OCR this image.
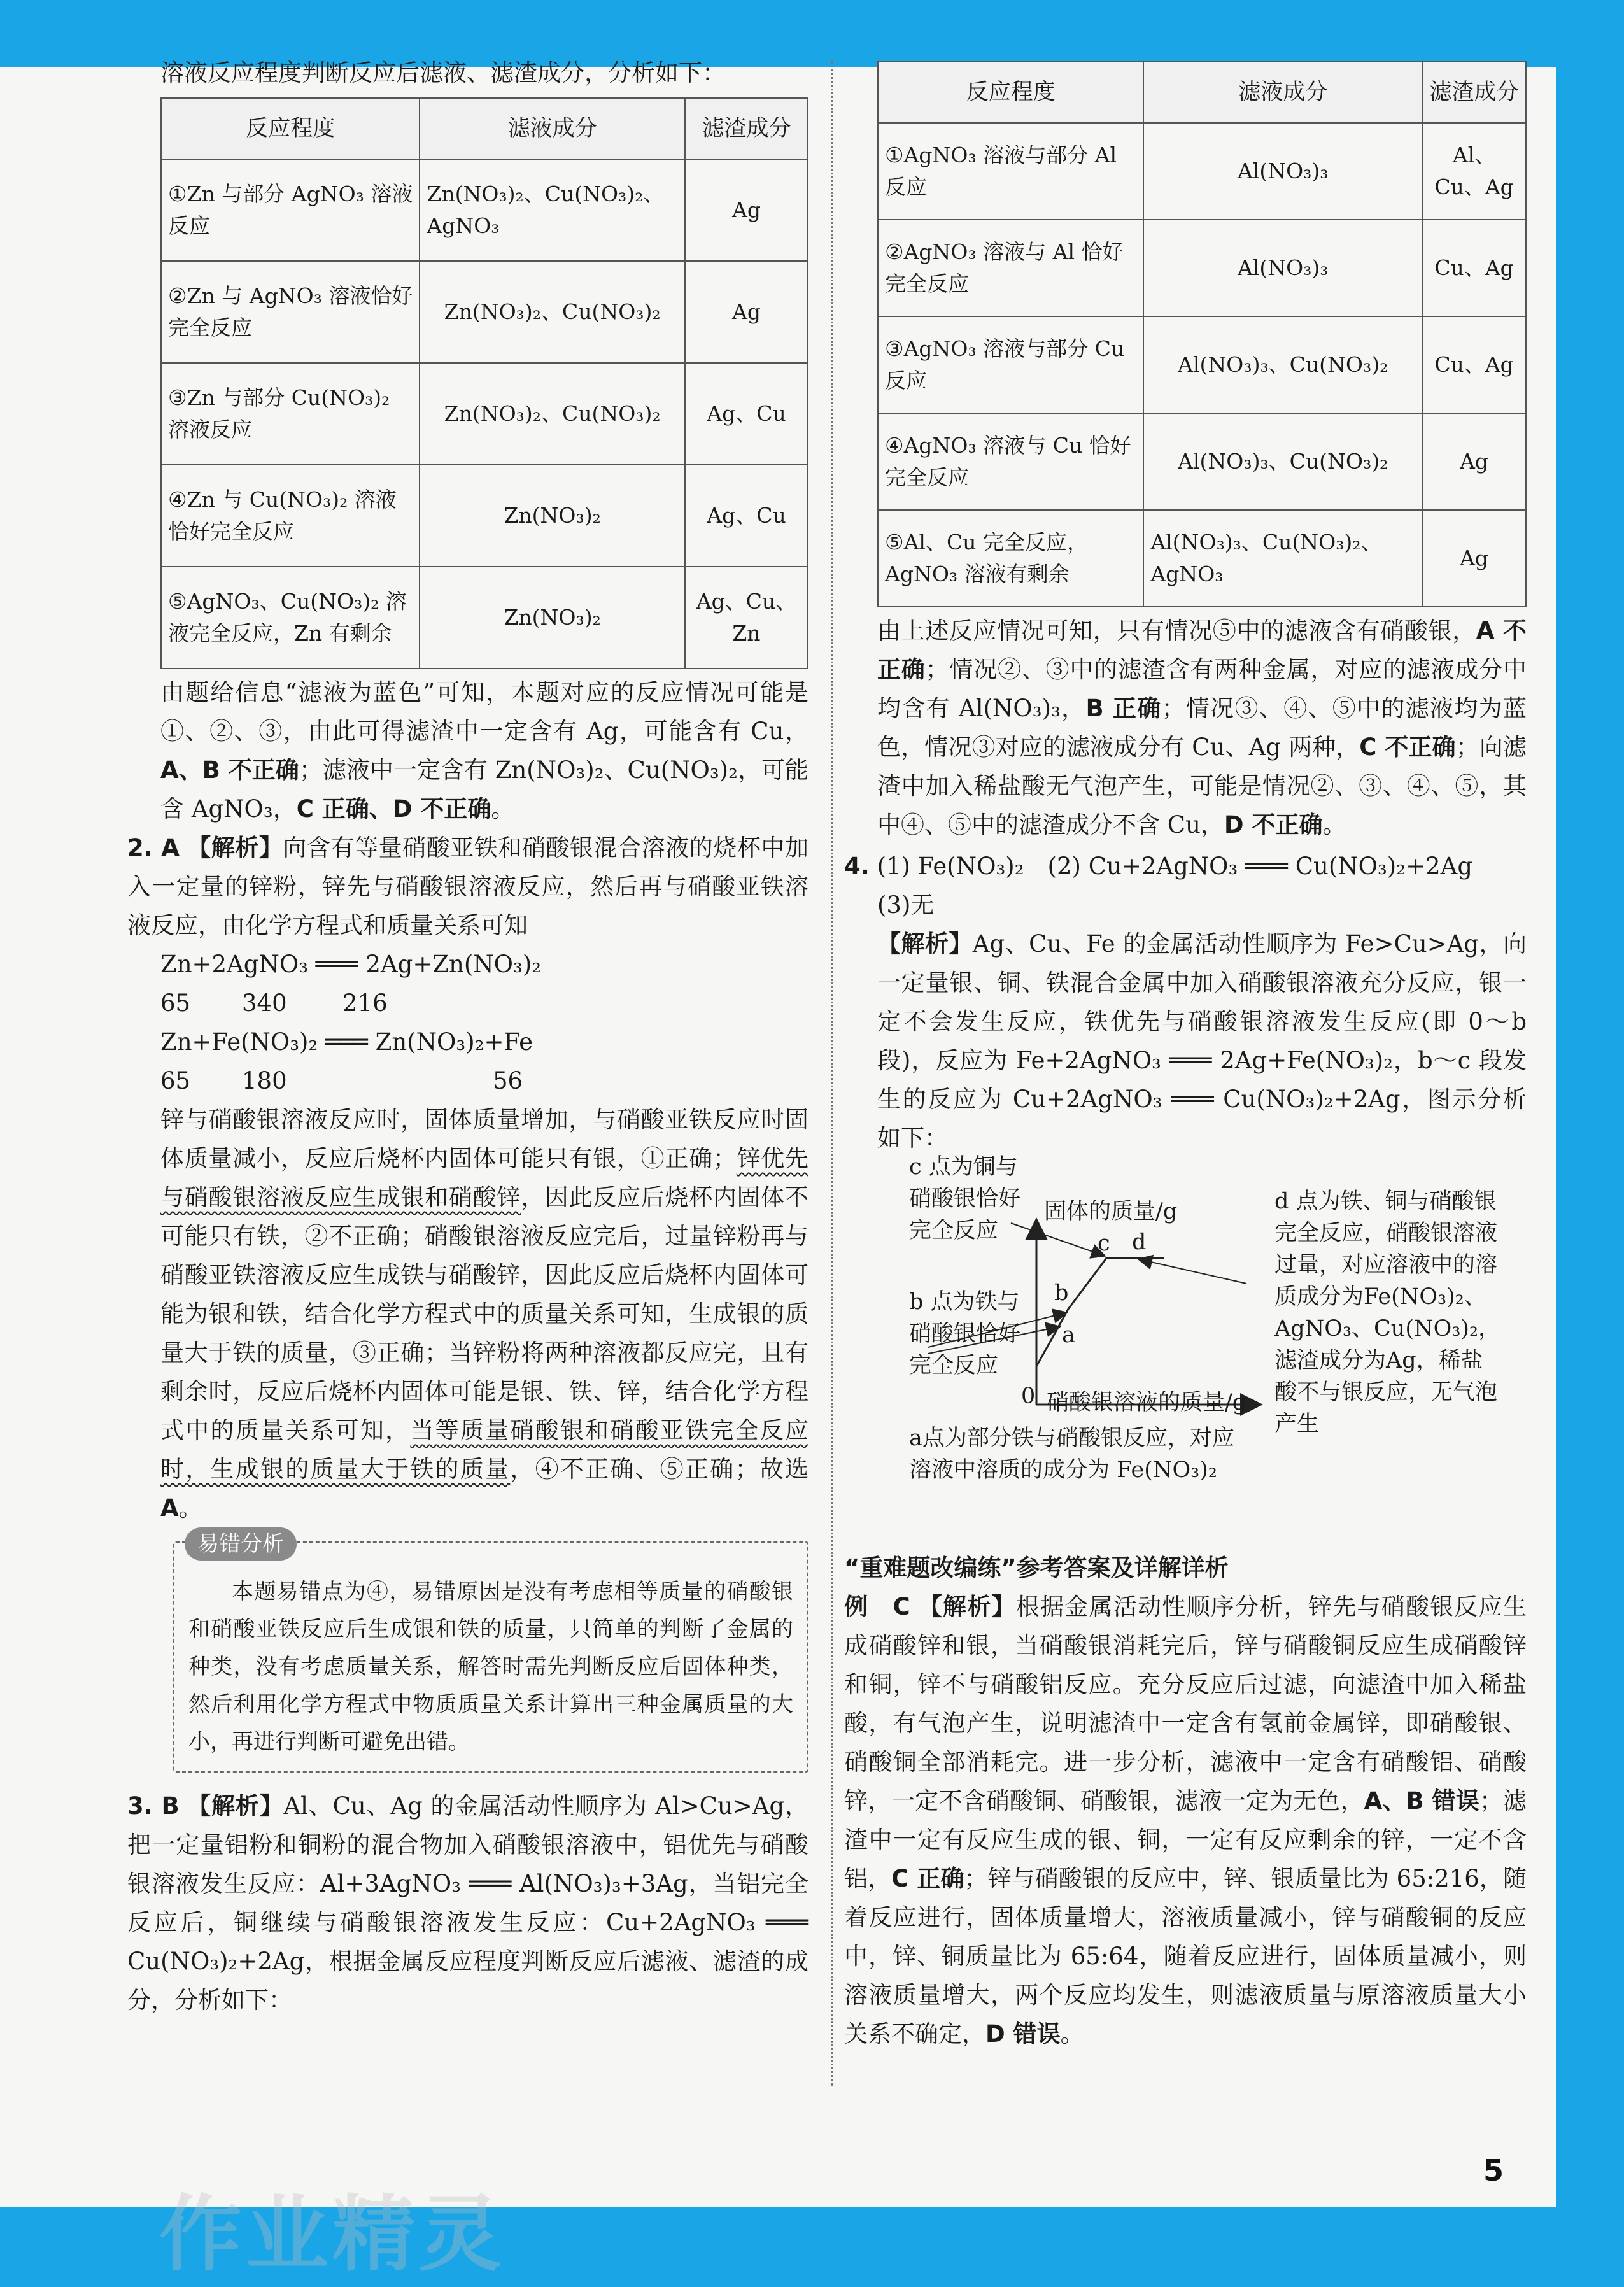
作业精灵

溶液反应程度判断反应后滤液、滤渣成分，分析如下：

反应程度	滤液成分	滤渣成分
①Zn 与部分 AgNO₃ 溶液反应	Zn(NO₃)₂、Cu(NO₃)₂、AgNO₃	Ag
②Zn 与 AgNO₃ 溶液恰好完全反应	Zn(NO₃)₂、Cu(NO₃)₂	Ag
③Zn 与部分 Cu(NO₃)₂ 溶液反应	Zn(NO₃)₂、Cu(NO₃)₂	Ag、Cu
④Zn 与 Cu(NO₃)₂ 溶液恰好完全反应	Zn(NO₃)₂	Ag、Cu
⑤AgNO₃、Cu(NO₃)₂ 溶液完全反应，Zn 有剩余	Zn(NO₃)₂	Ag、Cu、Zn

由题给信息“滤液为蓝色”可知，本题对应的反应情况可能是①、②、③，由此可得滤渣中一定含有 Ag，可能含有 Cu，A、B 不正确；滤液中一定含有 Zn(NO₃)₂、Cu(NO₃)₂，可能含 AgNO₃，C 正确、D 不正确。

2. A 【解析】向含有等量硝酸亚铁和硝酸银混合溶液的烧杯中加入一定量的锌粉，锌先与硝酸银溶液反应，然后再与硝酸亚铁溶液反应，由化学方程式和质量关系可知

Zn+2AgNO₃ ═══ 2Ag+Zn(NO₃)₂

65 340 216

Zn+Fe(NO₃)₂ ═══ Zn(NO₃)₂+Fe

65 180	56

锌与硝酸银溶液反应时，固体质量增加，与硝酸亚铁反应时固体质量减小，反应后烧杯内固体可能只有银，①正确；锌优先与硝酸银溶液反应生成银和硝酸锌，因此反应后烧杯内固体不可能只有铁，②不正确；硝酸银溶液反应完后，过量锌粉再与硝酸亚铁溶液反应生成铁与硝酸锌，因此反应后烧杯内固体可能为银和铁，结合化学方程式中的质量关系可知，生成银的质量大于铁的质量，③正确；当锌粉将两种溶液都反应完，且有剩余时，反应后烧杯内固体可能是银、铁、锌，结合化学方程式中的质量关系可知，当等质量硝酸银和硝酸亚铁完全反应时，生成银的质量大于铁的质量，④不正确、⑤正确；故选 A。

易错分析

本题易错点为④，易错原因是没有考虑相等质量的硝酸银和硝酸亚铁反应后生成银和铁的质量，只简单的判断了金属的种类，没有考虑质量关系，解答时需先判断反应后固体种类，然后利用化学方程式中物质质量关系计算出三种金属质量的大小，再进行判断可避免出错。

3. B 【解析】Al、Cu、Ag 的金属活动性顺序为 Al>Cu>Ag，把一定量铝粉和铜粉的混合物加入硝酸银溶液中，铝优先与硝酸银溶液发生反应：Al+3AgNO₃ ═══ Al(NO₃)₃+3Ag，当铝完全反应后，铜继续与硝酸银溶液发生反应：Cu+2AgNO₃ ═══ Cu(NO₃)₂+2Ag，根据金属反应程度判断反应后滤液、滤渣的成分，分析如下：

反应程度	滤液成分	滤渣成分
①AgNO₃ 溶液与部分 Al 反应	Al(NO₃)₃	Al、Cu、Ag
②AgNO₃ 溶液与 Al 恰好完全反应	Al(NO₃)₃	Cu、Ag
③AgNO₃ 溶液与部分 Cu 反应	Al(NO₃)₃、Cu(NO₃)₂	Cu、Ag
④AgNO₃ 溶液与 Cu 恰好完全反应	Al(NO₃)₃、Cu(NO₃)₂	Ag
⑤Al、Cu 完全反应，AgNO₃ 溶液有剩余	Al(NO₃)₃、Cu(NO₃)₂、AgNO₃	Ag

由上述反应情况可知，只有情况⑤中的滤液含有硝酸银，A 不正确；情况②、③中的滤渣含有两种金属，对应的滤液成分中均含有 Al(NO₃)₃，B 正确；情况③、④、⑤中的滤液均为蓝色，情况③对应的滤液成分有 Cu、Ag 两种，C 不正确；向滤渣中加入稀盐酸无气泡产生，可能是情况②、③、④、⑤，其中④、⑤中的滤渣成分不含 Cu，D 不正确。

4. (1) Fe(NO₃)₂　(2) Cu+2AgNO₃ ═══ Cu(NO₃)₂+2Ag

(3)无

【解析】Ag、Cu、Fe 的金属活动性顺序为 Fe>Cu>Ag，向一定量银、铜、铁混合金属中加入硝酸银溶液充分反应，银一定不会发生反应，铁优先与硝酸银溶液发生反应(即 0～b 段)，反应为 Fe+2AgNO₃ ═══ 2Ag+Fe(NO₃)₂，b～c 段发生的反应为 Cu+2AgNO₃ ═══ Cu(NO₃)₂+2Ag，图示分析如下：

固体的质量/g
硝酸银溶液的质量/g
0
a
b
c d
c 点为铜与硝酸银恰好完全反应
b 点为铁与硝酸银恰好完全反应
a点为部分铁与硝酸银反应，对应溶液中溶质的成分为 Fe(NO₃)₂
d 点为铁、铜与硝酸银完全反应，硝酸银溶液过量，对应溶液中的溶质成分为Fe(NO₃)₂、AgNO₃、Cu(NO₃)₂，滤渣成分为Ag，稀盐酸不与银反应，无气泡产生

“重难题改编练”参考答案及详解详析

例　C 【解析】根据金属活动性顺序分析，锌先与硝酸银反应生成硝酸锌和银，当硝酸银消耗完后，锌与硝酸铜反应生成硝酸锌和铜，锌不与硝酸铝反应。充分反应后过滤，向滤渣中加入稀盐酸，有气泡产生，说明滤渣中一定含有氢前金属锌，即硝酸银、硝酸铜全部消耗完。进一步分析，滤液中一定含有硝酸铝、硝酸锌，一定不含硝酸铜、硝酸银，滤液一定为无色，A、B 错误；滤渣中一定有反应生成的银、铜，一定有反应剩余的锌，一定不含铝，C 正确；锌与硝酸银的反应中，锌、银质量比为 65:216，随着反应进行，固体质量增大，溶液质量减小，锌与硝酸铜的反应中，锌、铜质量比为 65:64，随着反应进行，固体质量减小，则溶液质量增大，两个反应均发生，则滤液质量与原溶液质量大小关系不确定，D 错误。

5
